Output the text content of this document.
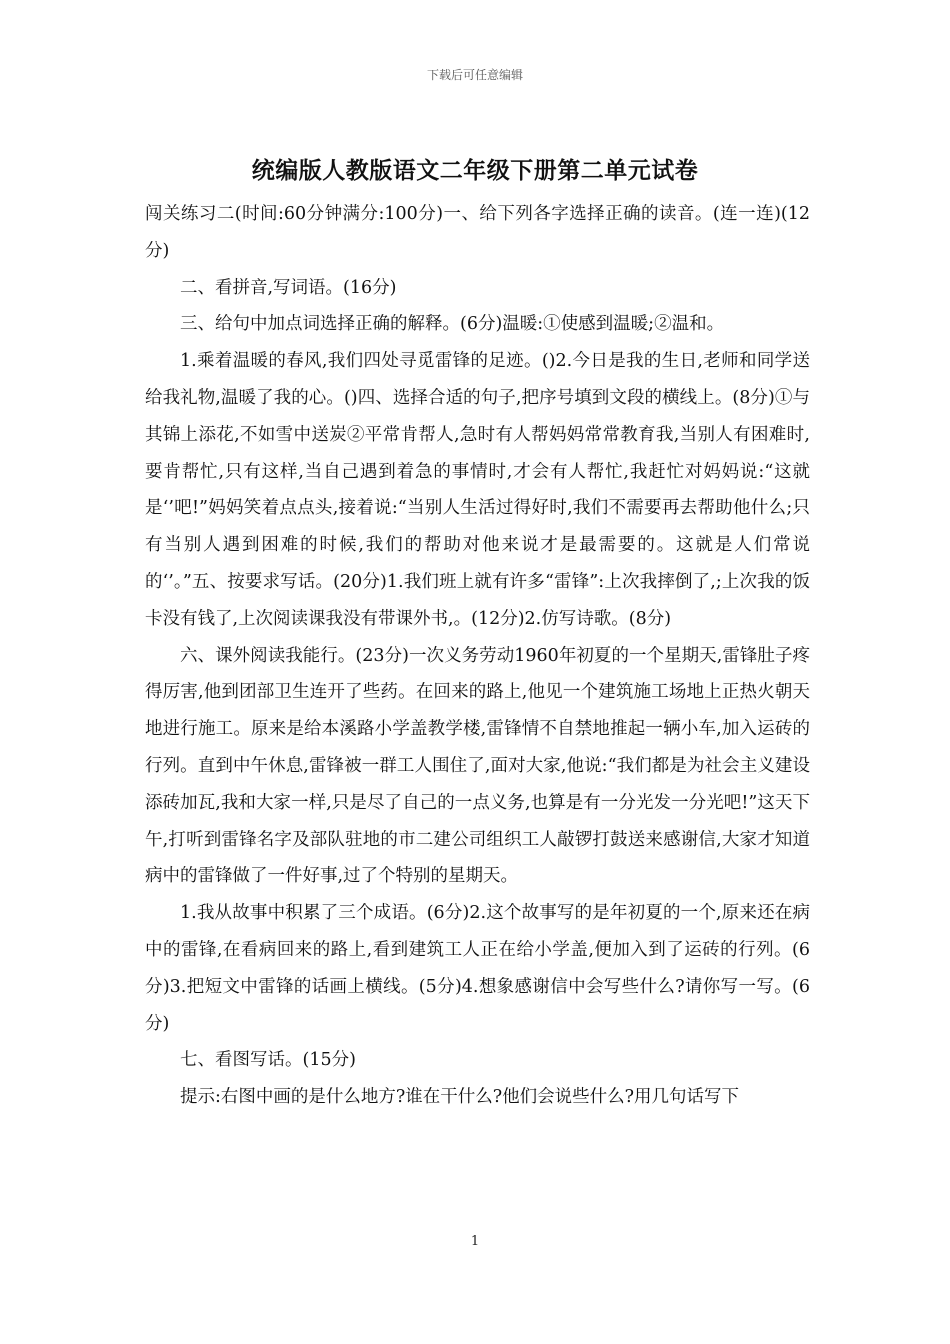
下载后可任意编辑
统编版人教版语文二年级下册第二单元试卷

闯关练习二(时间:60分钟满分:100分)一、给下列各字选择正确的读音。(连一连)(12分)

二、看拼音,写词语。(16分)

三、给句中加点词选择正确的解释。(6分)温暖:①使感到温暖;②温和。

1.乘着温暖的春风,我们四处寻觅雷锋的足迹。()2.今日是我的生日,老师和同学送给我礼物,温暖了我的心。()四、选择合适的句子,把序号填到文段的横线上。(8分)①与其锦上添花,不如雪中送炭②平常肯帮人,急时有人帮妈妈常常教育我,当别人有困难时,要肯帮忙,只有这样,当自己遇到着急的事情时,才会有人帮忙,我赶忙对妈妈说:“这就是‘’吧!”妈妈笑着点点头,接着说:“当别人生活过得好时,我们不需要再去帮助他什么;只有当别人遇到困难的时候,我们的帮助对他来说才是最需要的。这就是人们常说的‘’。”五、按要求写话。(20分)1.我们班上就有许多“雷锋”:上次我摔倒了,;上次我的饭卡没有钱了,上次阅读课我没有带课外书,。(12分)2.仿写诗歌。(8分)

六、课外阅读我能行。(23分)一次义务劳动1960年初夏的一个星期天,雷锋肚子疼得厉害,他到团部卫生连开了些药。在回来的路上,他见一个建筑施工场地上正热火朝天地进行施工。原来是给本溪路小学盖教学楼,雷锋情不自禁地推起一辆小车,加入运砖的行列。直到中午休息,雷锋被一群工人围住了,面对大家,他说:“我们都是为社会主义建设添砖加瓦,我和大家一样,只是尽了自己的一点义务,也算是有一分光发一分光吧!”这天下午,打听到雷锋名字及部队驻地的市二建公司组织工人敲锣打鼓送来感谢信,大家才知道病中的雷锋做了一件好事,过了个特别的星期天。

1.我从故事中积累了三个成语。(6分)2.这个故事写的是年初夏的一个,原来还在病中的雷锋,在看病回来的路上,看到建筑工人正在给小学盖,便加入到了运砖的行列。(6分)3.把短文中雷锋的话画上横线。(5分)4.想象感谢信中会写些什么?请你写一写。(6分)

七、看图写话。(15分)

提示:右图中画的是什么地方?谁在干什么?他们会说些什么?用几句话写下

1
